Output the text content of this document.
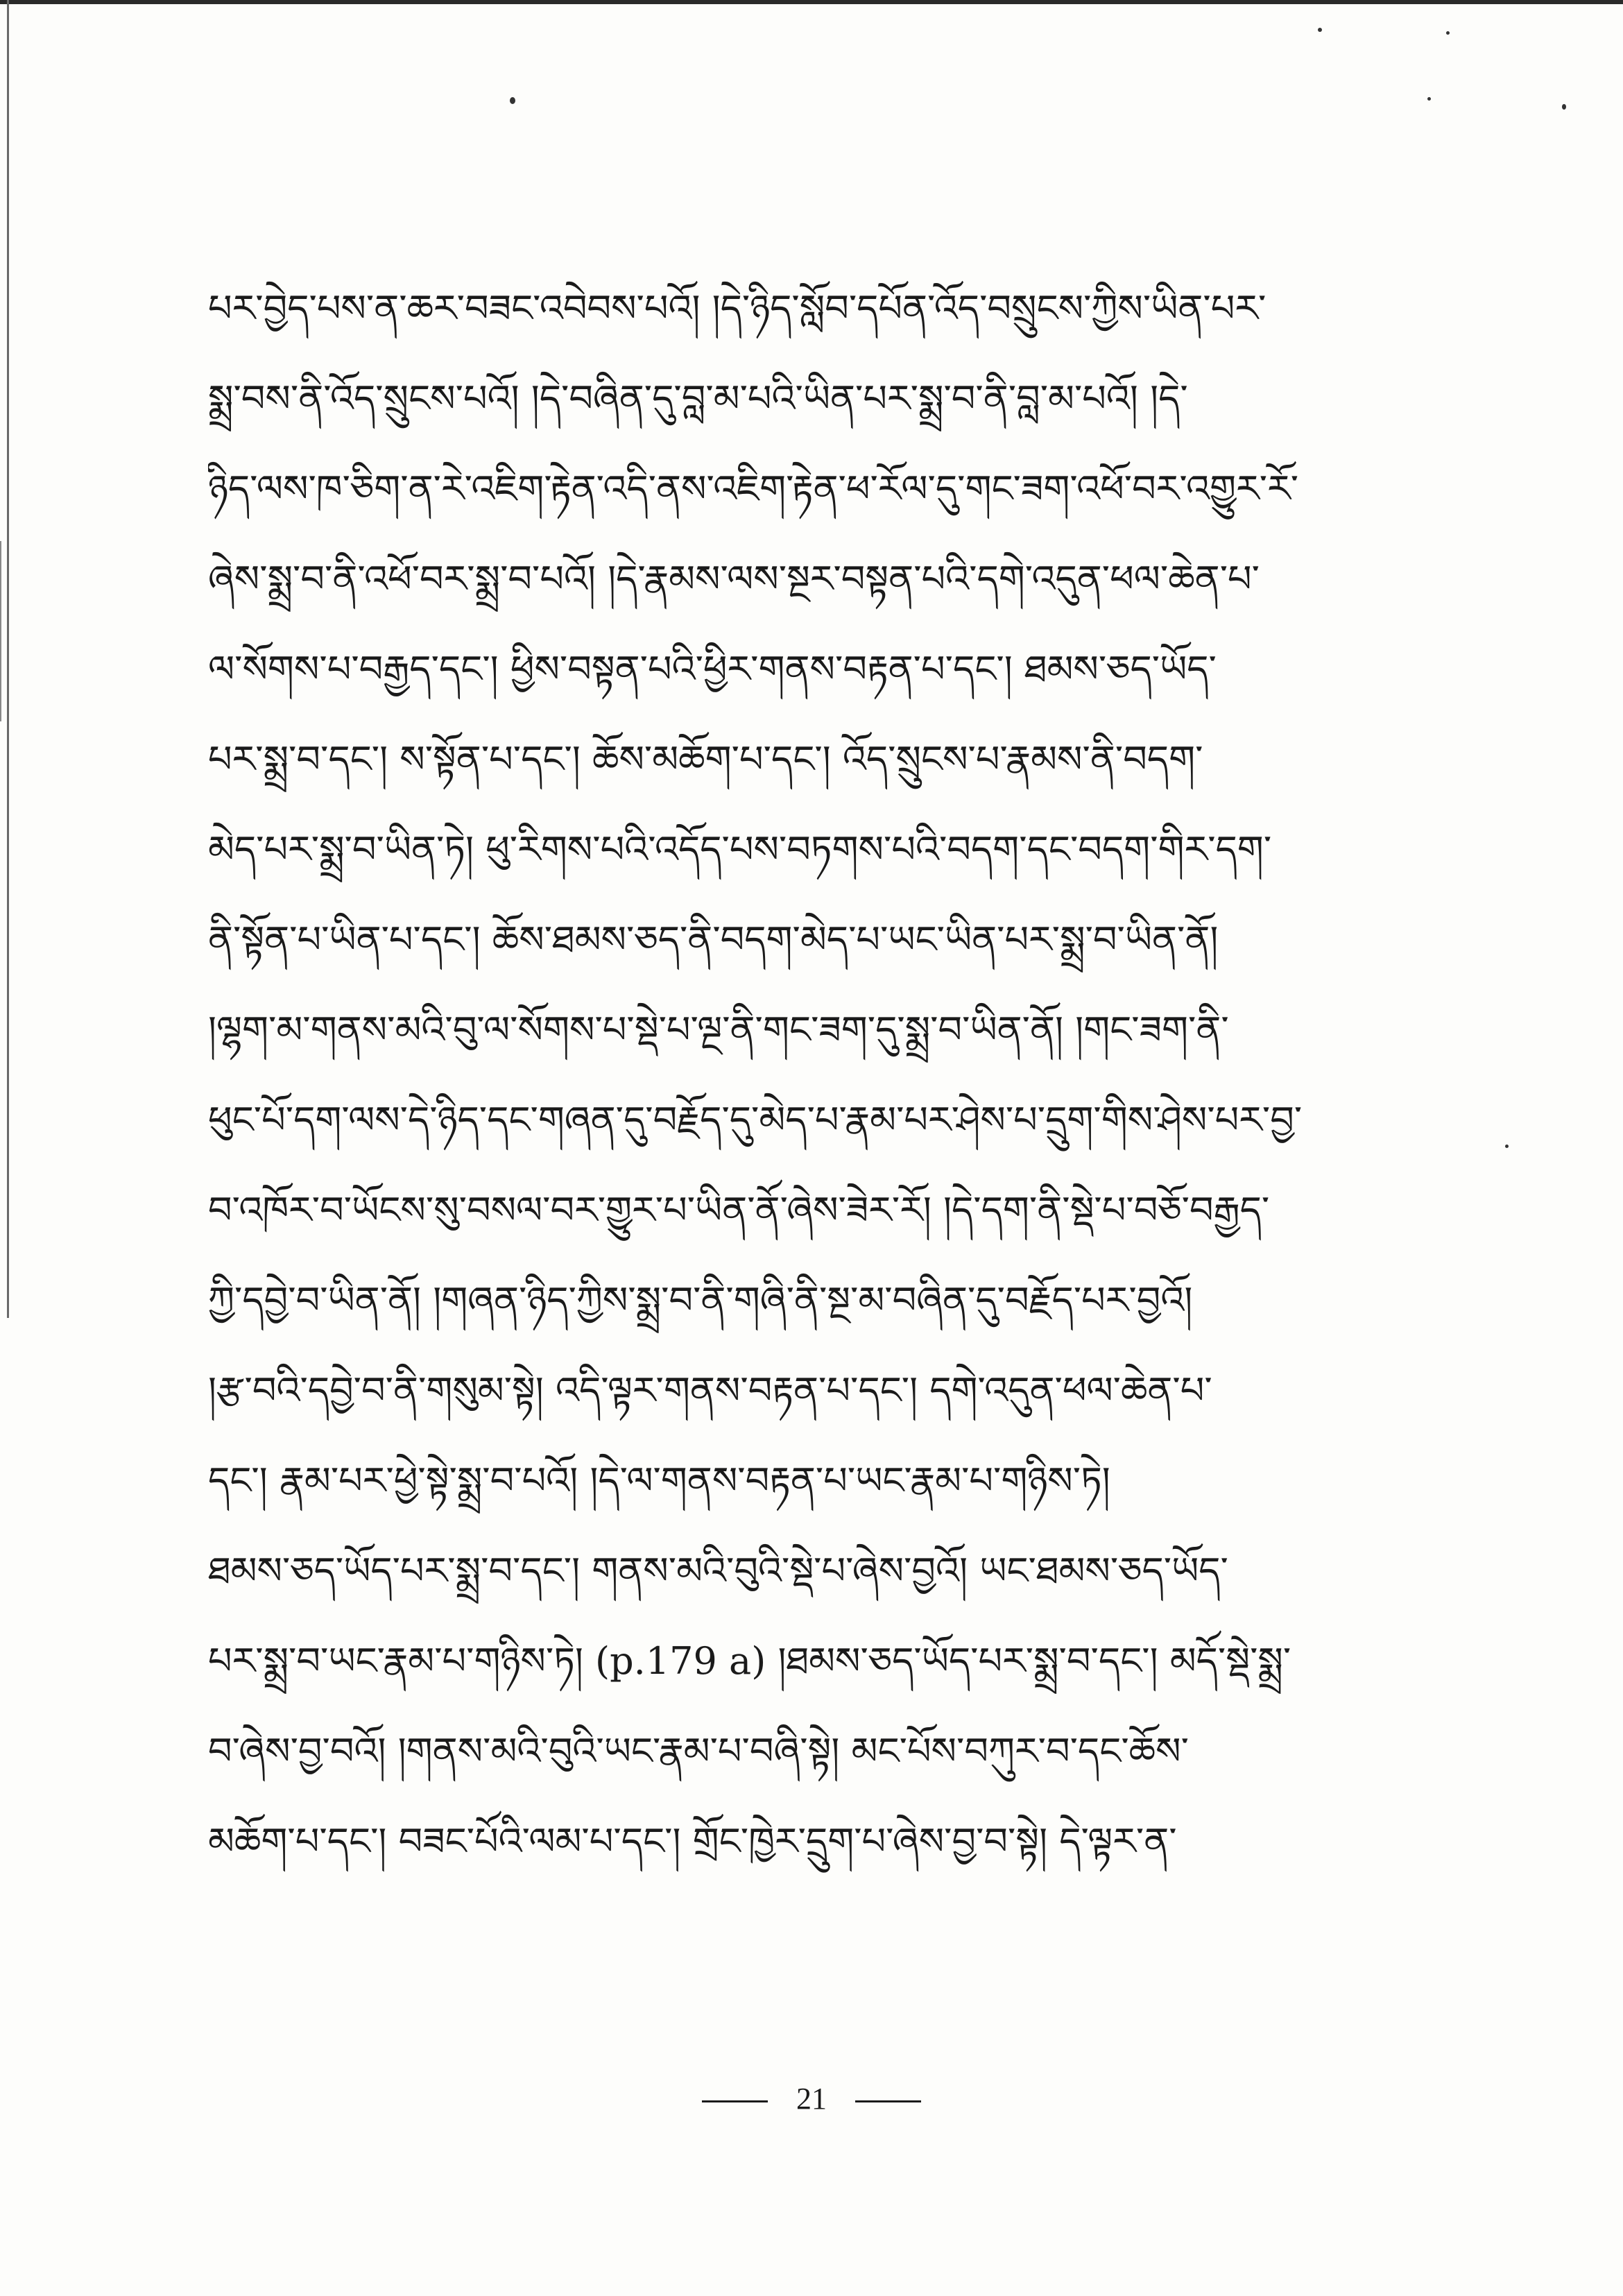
པར་བྱེད་པས་ན་ཆར་བཟང་འབེབས་པའོ། །དེ་ཉིད་སློབ་དཔོན་འོད་བསྲུངས་ཀྱིས་ཡིན་པར་
སྨྲ་བས་ནི་འོད་སྲུངས་པའོ། །དེ་བཞིན་དུ་བླ་མ་པའི་ཡིན་པར་སྨྲ་བ་ནི་བླ་མ་པའོ། །དེ་
ཉིད་ལས་ཁ་ཅིག་ན་རེ་འཇིག་རྟེན་འདི་ནས་འཇིག་རྟེན་ཕ་རོལ་དུ་གང་ཟག་འཕོ་བར་འགྱུར་རོ་
ཞེས་སྨྲ་བ་ནི་འཕོ་བར་སྨྲ་བ་པའོ། །དེ་རྣམས་ལས་སྔར་བསྟན་པའི་དགེ་འདུན་ཕལ་ཆེན་པ་
ལ་སོགས་པ་བརྒྱད་དང་། ཕྱིས་བསྟན་པའི་ཕྱིར་གནས་བརྟན་པ་དང་། ཐམས་ཅད་ཡོད་
པར་སྨྲ་བ་དང་། ས་སྟོན་པ་དང་། ཆོས་མཆོག་པ་དང་། འོད་སྲུངས་པ་རྣམས་ནི་བདག་
མེད་པར་སྨྲ་བ་ཡིན་ཏེ། ཕུ་རིགས་པའི་འདོད་པས་བཏགས་པའི་བདག་དང་བདག་གིར་དག་
ནི་སྟོན་པ་ཡིན་པ་དང་། ཆོས་ཐམས་ཅད་ནི་བདག་མེད་པ་ཡང་ཡིན་པར་སྨྲ་བ་ཡིན་ནོ།
།ལྷག་མ་གནས་མའི་བུ་ལ་སོགས་པ་སྡེ་པ་ལྔ་ནི་གང་ཟག་དུ་སྨྲ་བ་ཡིན་ནོ། །གང་ཟག་ནི་
ཕུང་པོ་དག་ལས་དེ་ཉིད་དང་གཞན་དུ་བརྗོད་དུ་མེད་པ་རྣམ་པར་ཤེས་པ་དྲུག་གིས་ཤེས་པར་བྱ་
བ་འཁོར་བ་ཡོངས་སུ་བསལ་བར་གྱུར་པ་ཡིན་ནོ་ཞེས་ཟེར་རོ། །དེ་དག་ནི་སྡེ་པ་བཅོ་བརྒྱད་
ཀྱི་དབྱེ་བ་ཡིན་ནོ། །གཞན་ཉིད་ཀྱིས་སྨྲ་བ་ནི་གཞི་ནི་སྔ་མ་བཞིན་དུ་བརྗོད་པར་བྱའོ།
།རྩ་བའི་དབྱེ་བ་ནི་གསུམ་སྟེ། འདི་ལྟར་གནས་བརྟན་པ་དང་། དགེ་འདུན་ཕལ་ཆེན་པ་
དང་། རྣམ་པར་ཕྱེ་སྟེ་སྨྲ་བ་པའོ། །དེ་ལ་གནས་བརྟན་པ་ཡང་རྣམ་པ་གཉིས་ཏེ།
ཐམས་ཅད་ཡོད་པར་སྨྲ་བ་དང་། གནས་མའི་བུའི་སྡེ་པ་ཞེས་བྱའོ། ཡང་ཐམས་ཅད་ཡོད་
པར་སྨྲ་བ་ཡང་རྣམ་པ་གཉིས་ཏེ། (p.179 a) །ཐམས་ཅད་ཡོད་པར་སྨྲ་བ་དང་། མདོ་སྡེ་སྨྲ་
བ་ཞེས་བྱ་བའོ། །གནས་མའི་བུའི་ཡང་རྣམ་པ་བཞི་སྟེ། མང་པོས་བཀུར་བ་དང་ཆོས་
མཆོག་པ་དང་། བཟང་པོའི་ལམ་པ་དང་། གྲོང་ཁྱེར་དྲུག་པ་ཞེས་བྱ་བ་སྟེ། དེ་ལྟར་ན་
21
